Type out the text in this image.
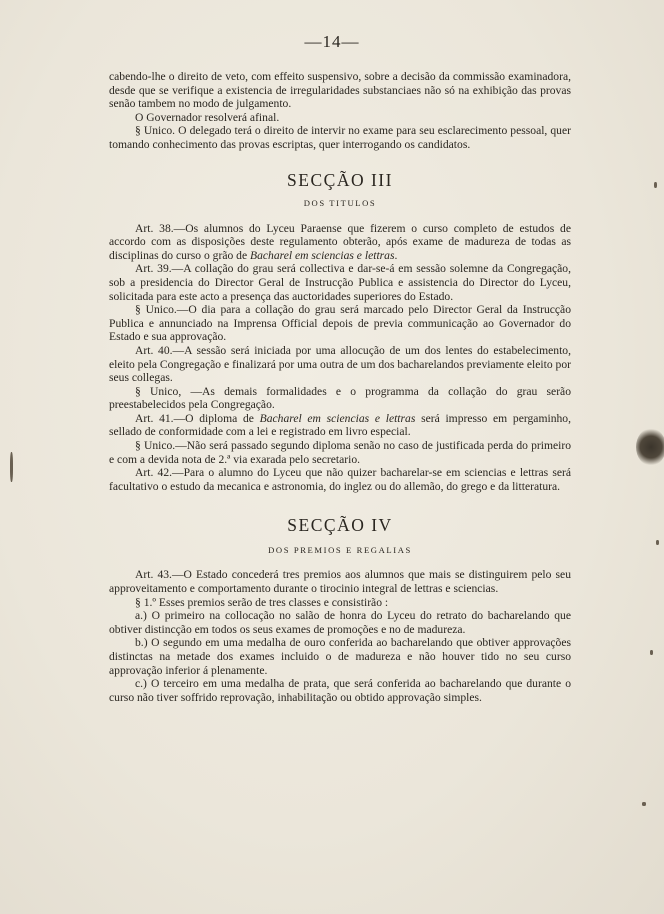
—14—

cabendo-lhe o direito de veto, com effeito suspensivo, sobre a decisão da commissão examinadora, desde que se verifique a existencia de irregularidades substanciaes não só na exhibição das provas senão tambem no modo de julgamento.

O Governador resolverá afinal.

§ Unico. O delegado terá o direito de intervir no exame para seu esclarecimento pessoal, quer tomando conhecimento das provas escriptas, quer interrogando os candidatos.

SECÇÃO III
DOS TITULOS

Art. 38.—Os alumnos do Lyceu Paraense que fizerem o curso completo de estudos de accordo com as disposições deste regulamento obterão, após exame de madureza de todas as disciplinas do curso o grão de Bacharel em sciencias e lettras.

Art. 39.—A collação do grau será collectiva e dar-se-á em sessão solemne da Congregação, sob a presidencia do Director Geral de Instrucção Publica e assistencia do Director do Lyceu, solicitada para este acto a presença das auctoridades superiores do Estado.

§ Unico.—O dia para a collação do grau será marcado pelo Director Geral da Instrucção Publica e annunciado na Imprensa Official depois de previa communicação ao Governador do Estado e sua approvação.

Art. 40.—A sessão será iniciada por uma allocução de um dos lentes do estabelecimento, eleito pela Congregação e finalizará por uma outra de um dos bacharelandos previamente eleito por seus collegas.

§ Unico, —As demais formalidades e o programma da collação do grau serão preestabelecidos pela Congregação.

Art. 41.—O diploma de Bacharel em sciencias e lettras será impresso em pergaminho, sellado de conformidade com a lei e registrado em livro especial.

§ Unico.—Não será passado segundo diploma senão no caso de justificada perda do primeiro e com a devida nota de 2.ª via exarada pelo secretario.

Art. 42.—Para o alumno do Lyceu que não quizer bacharelar-se em sciencias e lettras será facultativo o estudo da mecanica e astronomia, do inglez ou do allemão, do grego e da litteratura.

SECÇÃO IV
DOS PREMIOS E REGALIAS

Art. 43.—O Estado concederá tres premios aos alumnos que mais se distinguirem pelo seu approveitamento e comportamento durante o tirocinio integral de lettras e sciencias.

§ 1.º Esses premios serão de tres classes e consistirão :

a.) O primeiro na collocação no salão de honra do Lyceu do retrato do bacharelando que obtiver distincção em todos os seus exames de promoções e no de madureza.

b.) O segundo em uma medalha de ouro conferida ao bacharelando que obtiver approvações distinctas na metade dos exames incluido o de madureza e não houver tido no seu curso approvação inferior á plenamente.

c.) O terceiro em uma medalha de prata, que será conferida ao bacharelando que durante o curso não tiver soffrido reprovação, inhabilitação ou obtido approvação simples.
